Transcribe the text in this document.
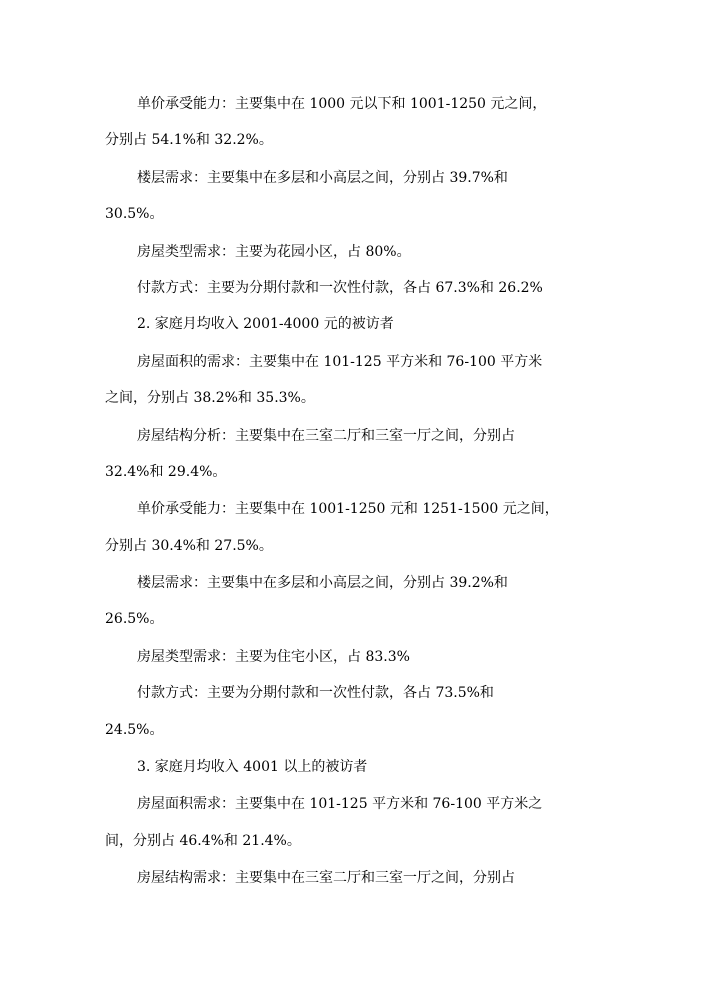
单价承受能力：主要集中在 1000 元以下和 1001-1250 元之间，
分别占 54.1%和 32.2%。
楼层需求：主要集中在多层和小高层之间，分别占 39.7%和
30.5%。
房屋类型需求：主要为花园小区，占 80%。
付款方式：主要为分期付款和一次性付款，各占 67.3%和 26.2%
2. 家庭月均收入 2001-4000 元的被访者
房屋面积的需求：主要集中在 101-125 平方米和 76-100 平方米
之间，分别占 38.2%和 35.3%。
房屋结构分析：主要集中在三室二厅和三室一厅之间，分别占
32.4%和 29.4%。
单价承受能力：主要集中在 1001-1250 元和 1251-1500 元之间，
分别占 30.4%和 27.5%。
楼层需求：主要集中在多层和小高层之间，分别占 39.2%和
26.5%。
房屋类型需求：主要为住宅小区，占 83.3%
付款方式：主要为分期付款和一次性付款，各占 73.5%和
24.5%。
3. 家庭月均收入 4001 以上的被访者
房屋面积需求：主要集中在 101-125 平方米和 76-100 平方米之
间，分别占 46.4%和 21.4%。
房屋结构需求：主要集中在三室二厅和三室一厅之间，分别占
